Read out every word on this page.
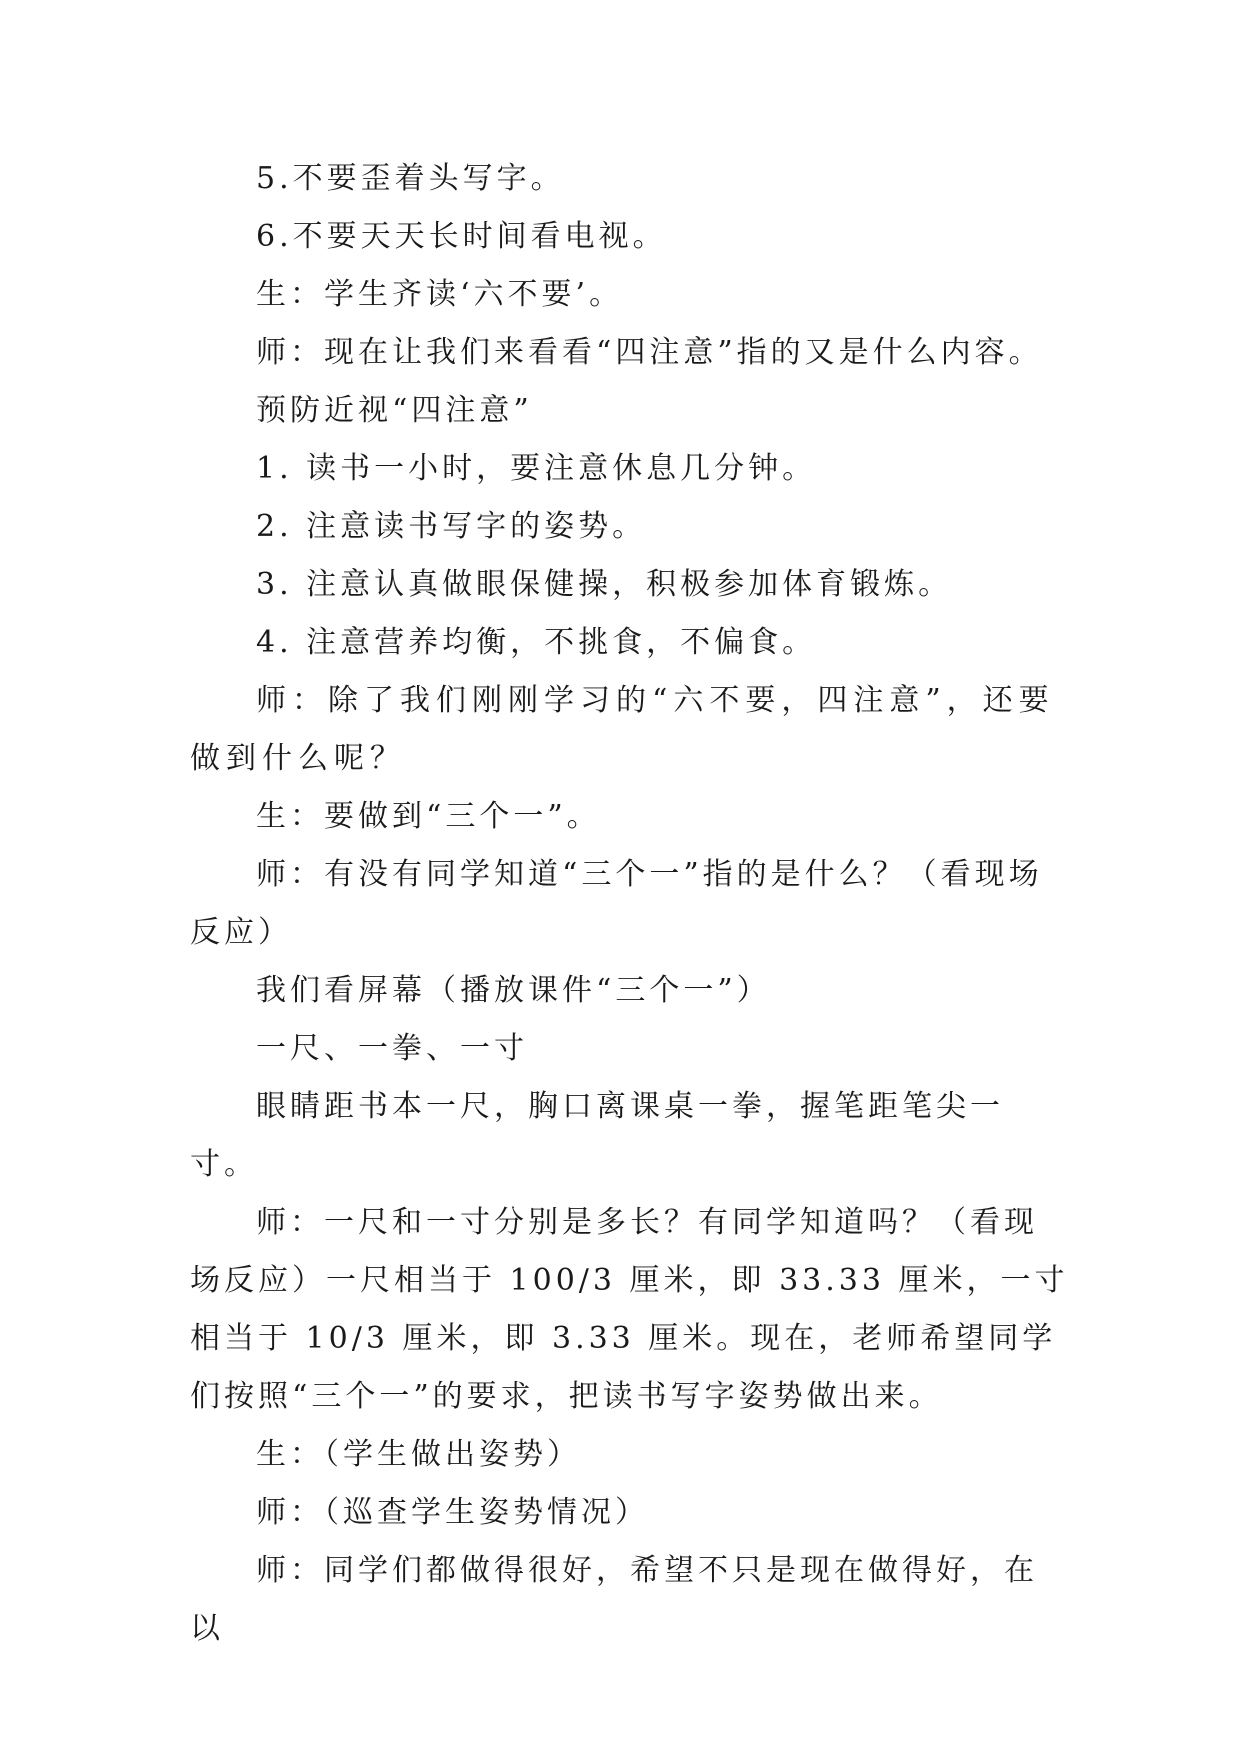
5.不要歪着头写字。

6.不要天天长时间看电视。

生：学生齐读‘六不要’。

师：现在让我们来看看“四注意”指的又是什么内容。

预防近视“四注意”

1. 读书一小时，要注意休息几分钟。

2. 注意读书写字的姿势。

3. 注意认真做眼保健操，积极参加体育锻炼。

4. 注意营养均衡，不挑食，不偏食。

师：除了我们刚刚学习的“六不要，四注意”，还要做到什么呢？

生：要做到“三个一”。

师：有没有同学知道“三个一”指的是什么？（看现场反应）

我们看屏幕（播放课件“三个一”）

一尺、一拳、一寸

眼睛距书本一尺，胸口离课桌一拳，握笔距笔尖一寸。

师：一尺和一寸分别是多长？有同学知道吗？（看现场反应）一尺相当于 100/3 厘米，即 33.33 厘米，一寸相当于 10/3 厘米，即 3.33 厘米。现在，老师希望同学们按照“三个一”的要求，把读书写字姿势做出来。

生：（学生做出姿势）

师：（巡查学生姿势情况）

师：同学们都做得很好，希望不只是现在做得好，在以
